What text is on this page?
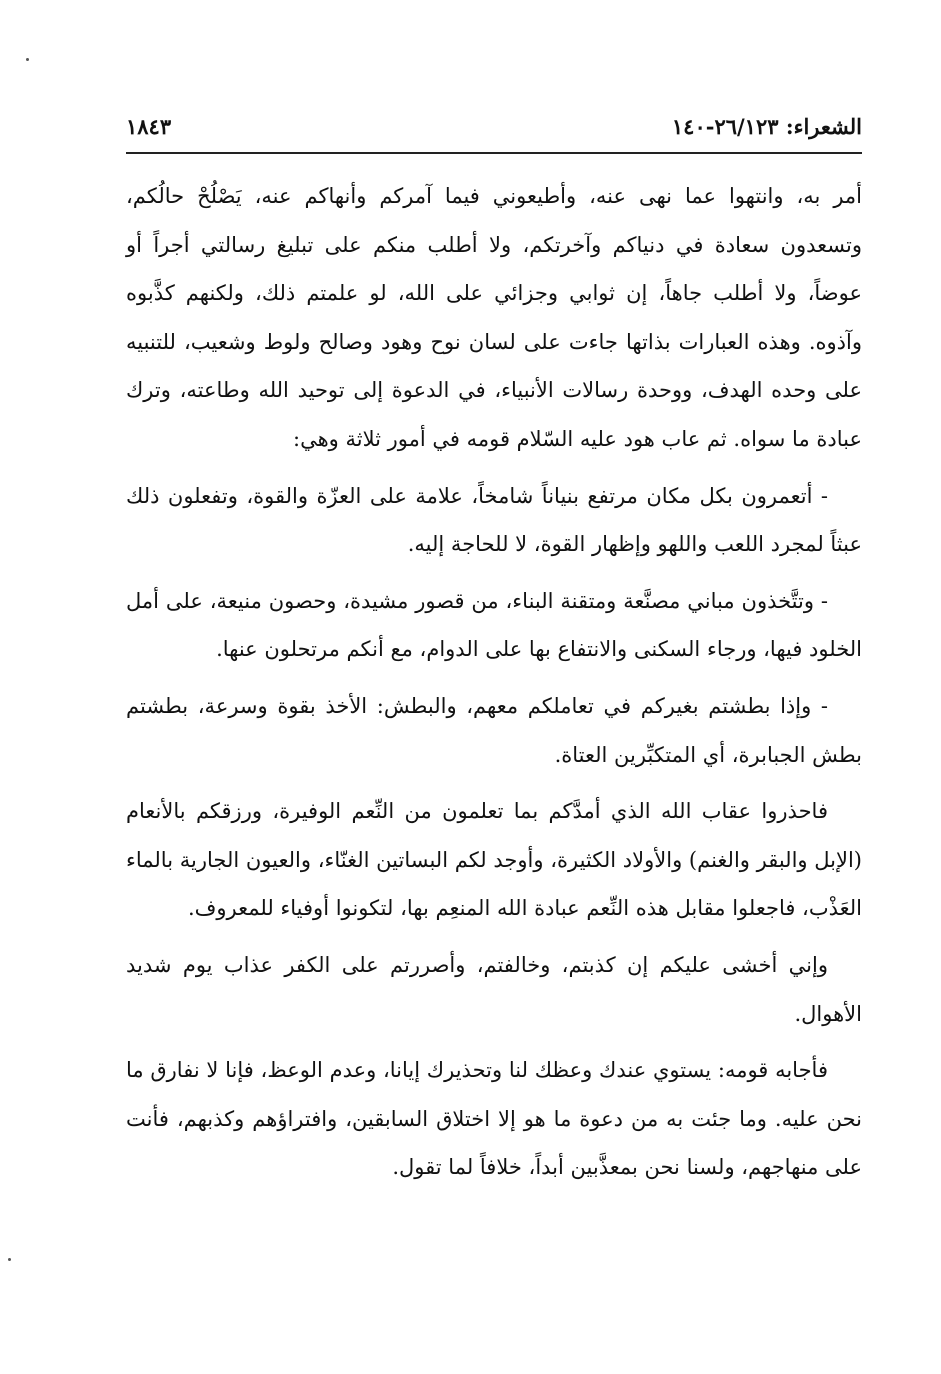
الشعراء: ٢٦/١٢٣-١٤٠
١٨٤٣

أمر به، وانتهوا عما نهى عنه، وأطيعوني فيما آمركم وأنهاكم عنه، يَصْلُحْ حالُكم، وتسعدون سعادة في دنياكم وآخرتكم، ولا أطلب منكم على تبليغ رسالتي أجراً أو عوضاً، ولا أطلب جاهاً، إن ثوابي وجزائي على الله، لو علمتم ذلك، ولكنهم كذَّبوه وآذوه. وهذه العبارات بذاتها جاءت على لسان نوح وهود وصالح ولوط وشعيب، للتنبيه على وحده الهدف، ووحدة رسالات الأنبياء، في الدعوة إلى توحيد الله وطاعته، وترك عبادة ما سواه. ثم عاب هود عليه السّلام قومه في أمور ثلاثة وهي:

- أتعمرون بكل مكان مرتفع بنياناً شامخاً، علامة على العزّة والقوة، وتفعلون ذلك عبثاً لمجرد اللعب واللهو وإظهار القوة، لا للحاجة إليه.

- وتتَّخذون مباني مصنَّعة ومتقنة البناء، من قصور مشيدة، وحصون منيعة، على أمل الخلود فيها، ورجاء السكنى والانتفاع بها على الدوام، مع أنكم مرتحلون عنها.

- وإذا بطشتم بغيركم في تعاملكم معهم، والبطش: الأخذ بقوة وسرعة، بطشتم بطش الجبابرة، أي المتكبِّرين العتاة.

فاحذروا عقاب الله الذي أمدَّكم بما تعلمون من النِّعم الوفيرة، ورزقكم بالأنعام (الإبل والبقر والغنم) والأولاد الكثيرة، وأوجد لكم البساتين الغنّاء، والعيون الجارية بالماء العَذْب، فاجعلوا مقابل هذه النِّعم عبادة الله المنعِم بها، لتكونوا أوفياء للمعروف.

وإني أخشى عليكم إن كذبتم، وخالفتم، وأصررتم على الكفر عذاب يوم شديد الأهوال.

فأجابه قومه: يستوي عندك وعظك لنا وتحذيرك إيانا، وعدم الوعظ، فإنا لا نفارق ما نحن عليه. وما جئت به من دعوة ما هو إلا اختلاق السابقين، وافتراؤهم وكذبهم، فأنت على منهاجهم، ولسنا نحن بمعذَّبين أبداً، خلافاً لما تقول.
